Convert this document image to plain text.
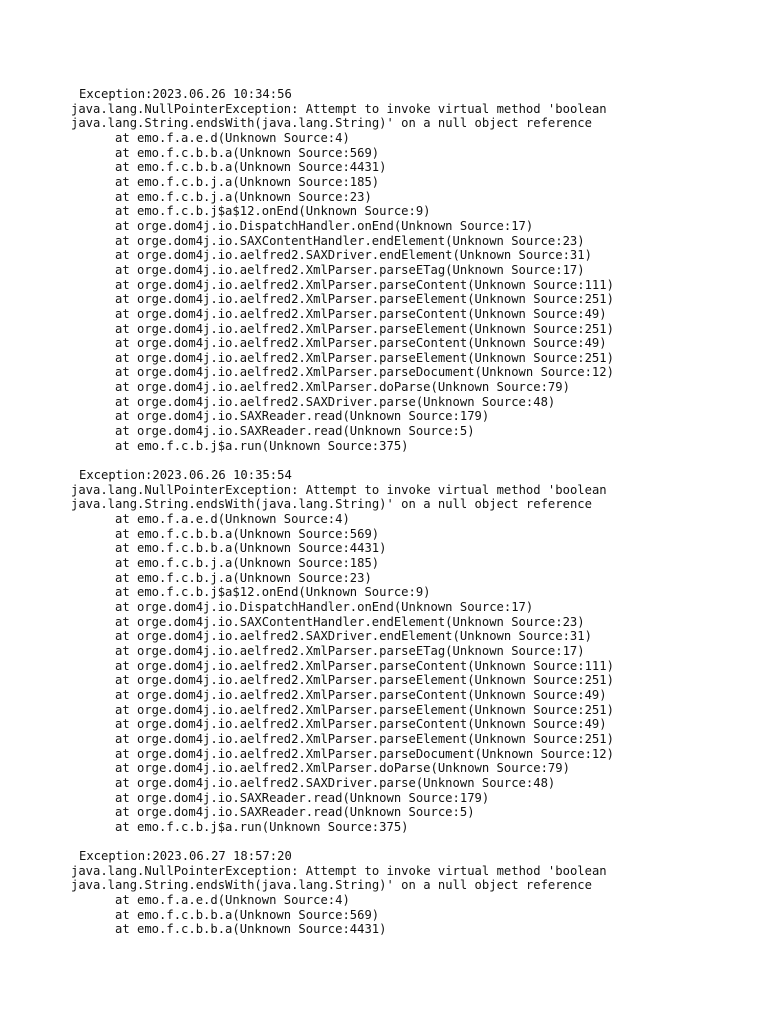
Exception:2023.06.26 10:34:56
java.lang.NullPointerException: Attempt to invoke virtual method 'boolean
java.lang.String.endsWith(java.lang.String)' on a null object reference
at emo.f.a.e.d(Unknown Source:4)
at emo.f.c.b.b.a(Unknown Source:569)
at emo.f.c.b.b.a(Unknown Source:4431)
at emo.f.c.b.j.a(Unknown Source:185)
at emo.f.c.b.j.a(Unknown Source:23)
at emo.f.c.b.j$a$12.onEnd(Unknown Source:9)
at orge.dom4j.io.DispatchHandler.onEnd(Unknown Source:17)
at orge.dom4j.io.SAXContentHandler.endElement(Unknown Source:23)
at orge.dom4j.io.aelfred2.SAXDriver.endElement(Unknown Source:31)
at orge.dom4j.io.aelfred2.XmlParser.parseETag(Unknown Source:17)
at orge.dom4j.io.aelfred2.XmlParser.parseContent(Unknown Source:111)
at orge.dom4j.io.aelfred2.XmlParser.parseElement(Unknown Source:251)
at orge.dom4j.io.aelfred2.XmlParser.parseContent(Unknown Source:49)
at orge.dom4j.io.aelfred2.XmlParser.parseElement(Unknown Source:251)
at orge.dom4j.io.aelfred2.XmlParser.parseContent(Unknown Source:49)
at orge.dom4j.io.aelfred2.XmlParser.parseElement(Unknown Source:251)
at orge.dom4j.io.aelfred2.XmlParser.parseDocument(Unknown Source:12)
at orge.dom4j.io.aelfred2.XmlParser.doParse(Unknown Source:79)
at orge.dom4j.io.aelfred2.SAXDriver.parse(Unknown Source:48)
at orge.dom4j.io.SAXReader.read(Unknown Source:179)
at orge.dom4j.io.SAXReader.read(Unknown Source:5)
at emo.f.c.b.j$a.run(Unknown Source:375)
Exception:2023.06.26 10:35:54
java.lang.NullPointerException: Attempt to invoke virtual method 'boolean
java.lang.String.endsWith(java.lang.String)' on a null object reference
at emo.f.a.e.d(Unknown Source:4)
at emo.f.c.b.b.a(Unknown Source:569)
at emo.f.c.b.b.a(Unknown Source:4431)
at emo.f.c.b.j.a(Unknown Source:185)
at emo.f.c.b.j.a(Unknown Source:23)
at emo.f.c.b.j$a$12.onEnd(Unknown Source:9)
at orge.dom4j.io.DispatchHandler.onEnd(Unknown Source:17)
at orge.dom4j.io.SAXContentHandler.endElement(Unknown Source:23)
at orge.dom4j.io.aelfred2.SAXDriver.endElement(Unknown Source:31)
at orge.dom4j.io.aelfred2.XmlParser.parseETag(Unknown Source:17)
at orge.dom4j.io.aelfred2.XmlParser.parseContent(Unknown Source:111)
at orge.dom4j.io.aelfred2.XmlParser.parseElement(Unknown Source:251)
at orge.dom4j.io.aelfred2.XmlParser.parseContent(Unknown Source:49)
at orge.dom4j.io.aelfred2.XmlParser.parseElement(Unknown Source:251)
at orge.dom4j.io.aelfred2.XmlParser.parseContent(Unknown Source:49)
at orge.dom4j.io.aelfred2.XmlParser.parseElement(Unknown Source:251)
at orge.dom4j.io.aelfred2.XmlParser.parseDocument(Unknown Source:12)
at orge.dom4j.io.aelfred2.XmlParser.doParse(Unknown Source:79)
at orge.dom4j.io.aelfred2.SAXDriver.parse(Unknown Source:48)
at orge.dom4j.io.SAXReader.read(Unknown Source:179)
at orge.dom4j.io.SAXReader.read(Unknown Source:5)
at emo.f.c.b.j$a.run(Unknown Source:375)
Exception:2023.06.27 18:57:20
java.lang.NullPointerException: Attempt to invoke virtual method 'boolean
java.lang.String.endsWith(java.lang.String)' on a null object reference
at emo.f.a.e.d(Unknown Source:4)
at emo.f.c.b.b.a(Unknown Source:569)
at emo.f.c.b.b.a(Unknown Source:4431)
